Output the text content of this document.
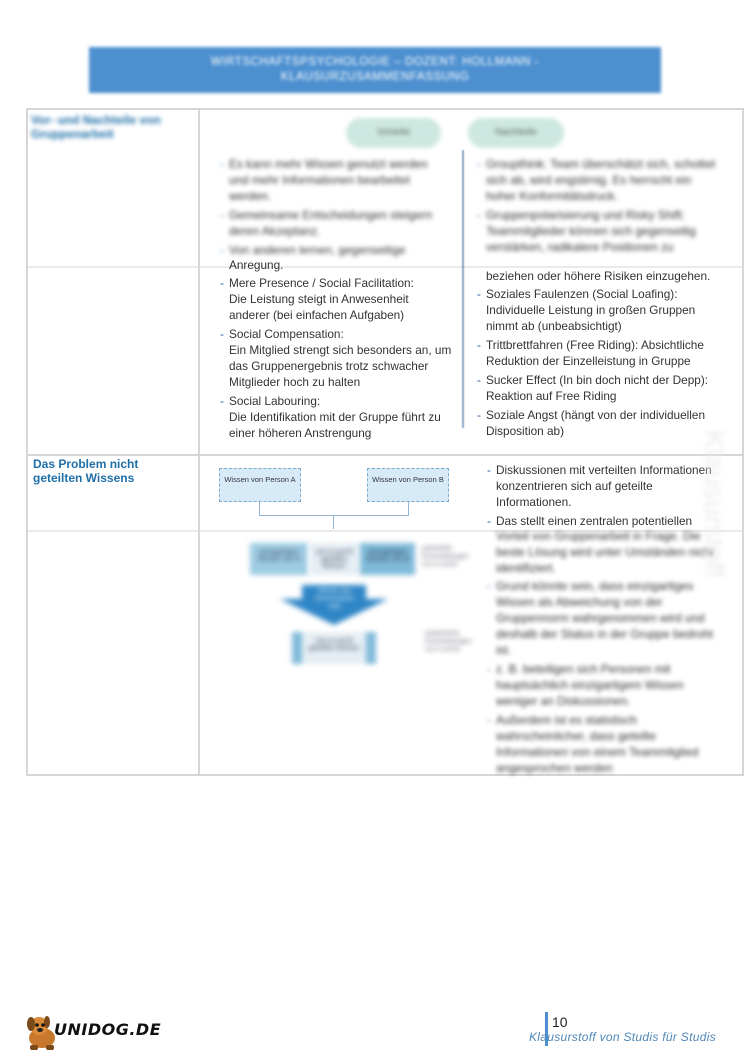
WIRTSCHAFTSPSYCHOLOGIE – DOZENT: HOLLMANN -
KLAUSURZUSAMMENFASSUNG
Vor- und Nachteile von Gruppenarbeit	Vorteile	Nachteile
- Es kann mehr Wissen genutzt werden und mehr Informationen bearbeitet werden.
- Gemeinsame Entscheidungen steigern deren Akzeptanz.
- Von anderen lernen, gegenseitige
Anregung.
- Mere Presence / Social Facilitation:
Die Leistung steigt in Anwesenheit anderer (bei einfachen Aufgaben)
- Social Compensation:
Ein Mitglied strengt sich besonders an, um das Gruppenergebnis trotz schwacher Mitglieder hoch zu halten
- Social Labouring:
Die Identifikation mit der Gruppe führt zu einer höheren Anstrengung
- Groupthink: Team überschätzt sich, schottet sich ab, wird engstirnig. Es herrscht ein hoher Konformitätsdruck.
- Gruppenpolarisierung und Risky Shift: Teammitglieder können sich gegenseitig verstärken, radikalere Positionen zu
beziehen oder höhere Risiken einzugehen.
- Soziales Faulenzen (Social Loafing): Individuelle Leistung in großen Gruppen nimmt ab (unbeabsichtigt)
- Trittbrettfahren (Free Riding): Absichtliche Reduktion der Einzelleistung in Gruppe
- Sucker Effect (In bin doch nicht der Depp): Reaktion auf Free Riding
- Soziale Angst (hängt von der individuellen Disposition ab)
Das Problem nicht geteilten Wissens	Wissen von Person A	Wissen von Person B
einzigartiges Wissen von A
von A und B geteiltes Wissen
einzigartiges Wissen von B
potentielle Entscheidungen von A und B
Wissen das kommuniziert wird
von A und B geteiltes Wissen
tatsächliche Entscheidungen von A und B
- Diskussionen mit verteilten Informationen konzentrieren sich auf geteilte Informationen.
- Das stellt einen zentralen potentiellen
Vorteil von Gruppenarbeit in Frage. Die beste Lösung wird unter Umständen nicht identifiziert.
- Grund könnte sein, dass einzigartiges Wissen als Abweichung von der Gruppennorm wahrgenommen wird und deshalb der Status in der Gruppe bedroht ist.
- z. B. beteiligen sich Personen mit hauptsächlich einzigartigem Wissen weniger an Diskussionen.
- Außerdem ist es statistisch wahrscheinlicher, dass geteilte Informationen von einem Teammitglied angesprochen werden
Klausurstoff
UNIDOG.DE	10
Klausurstoff von Studis für Studis
